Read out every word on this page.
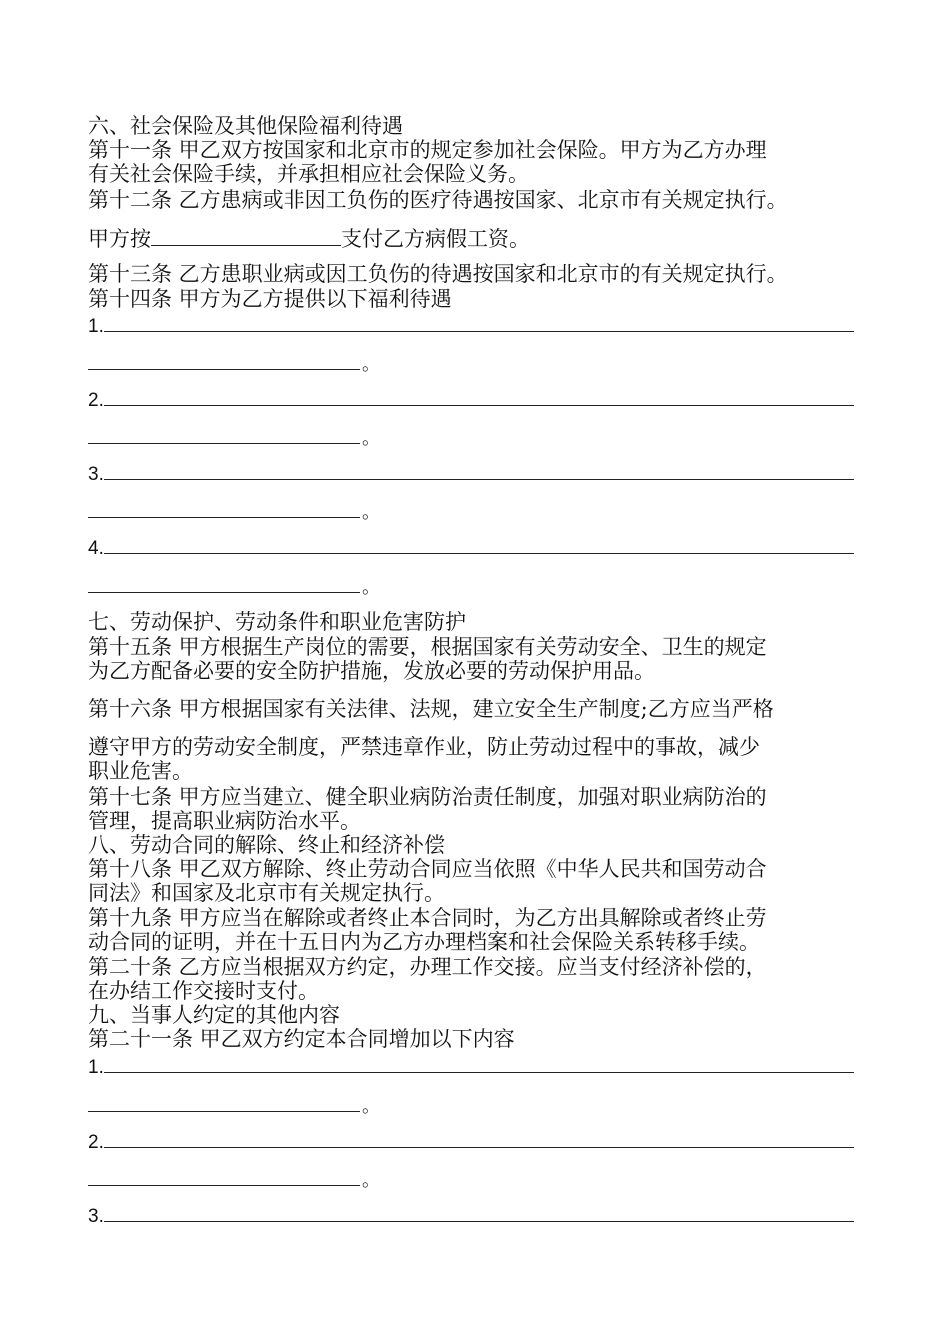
六、社会保险及其他保险福利待遇
第十一条 甲乙双方按国家和北京市的规定参加社会保险。甲方为乙方办理
有关社会保险手续，并承担相应社会保险义务。
第十二条 乙方患病或非因工负伤的医疗待遇按国家、北京市有关规定执行。
甲方按	支付乙方病假工资。
第十三条 乙方患职业病或因工负伤的待遇按国家和北京市的有关规定执行。
第十四条 甲方为乙方提供以下福利待遇
1.
。
2.
。
3.
。
4.
。
七、劳动保护、劳动条件和职业危害防护
第十五条 甲方根据生产岗位的需要，根据国家有关劳动安全、卫生的规定
为乙方配备必要的安全防护措施，发放必要的劳动保护用品。
第十六条 甲方根据国家有关法律、法规，建立安全生产制度;乙方应当严格
遵守甲方的劳动安全制度，严禁违章作业，防止劳动过程中的事故，减少
职业危害。
第十七条 甲方应当建立、健全职业病防治责任制度，加强对职业病防治的
管理，提高职业病防治水平。
八、劳动合同的解除、终止和经济补偿
第十八条 甲乙双方解除、终止劳动合同应当依照《中华人民共和国劳动合
同法》和国家及北京市有关规定执行。
第十九条 甲方应当在解除或者终止本合同时，为乙方出具解除或者终止劳
动合同的证明，并在十五日内为乙方办理档案和社会保险关系转移手续。
第二十条 乙方应当根据双方约定，办理工作交接。应当支付经济补偿的，
在办结工作交接时支付。
九、当事人约定的其他内容
第二十一条 甲乙双方约定本合同增加以下内容
1.
。
2.
。
3.
